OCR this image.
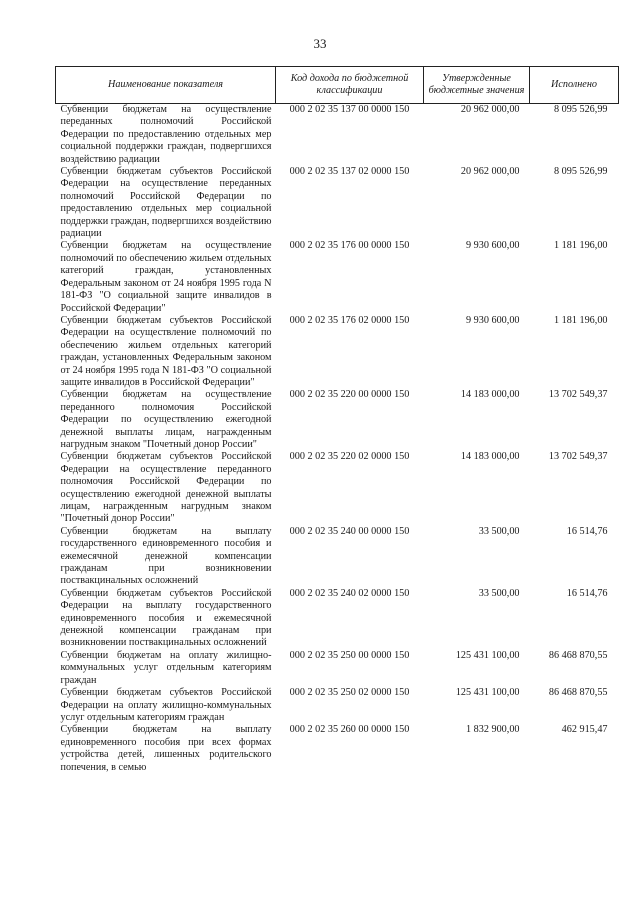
33
Наименование показателя	Код дохода по бюджетной классификации	Утвержденные бюджетные значения	Исполнено
Субвенции бюджетам на осуществление переданных полномочий Российской Федерации по предоставлению отдельных мер социальной поддержки граждан, подвергшихся воздействию радиации	000 2 02 35 137 00 0000 150	20 962 000,00	8 095 526,99
Субвенции бюджетам субъектов Российской Федерации на осуществление переданных полномочий Российской Федерации по предоставлению отдельных мер социальной поддержки граждан, подвергшихся воздействию радиации	000 2 02 35 137 02 0000 150	20 962 000,00	8 095 526,99
Субвенции бюджетам на осуществление полномочий по обеспечению жильем отдельных категорий граждан, установленных Федеральным законом от 24 ноября 1995 года N 181-ФЗ "О социальной защите инвалидов в Российской Федерации"	000 2 02 35 176 00 0000 150	9 930 600,00	1 181 196,00
Субвенции бюджетам субъектов Российской Федерации на осуществление полномочий по обеспечению жильем отдельных категорий граждан, установленных Федеральным законом от 24 ноября 1995 года N 181-ФЗ "О социальной защите инвалидов в Российской Федерации"	000 2 02 35 176 02 0000 150	9 930 600,00	1 181 196,00
Субвенции бюджетам на осуществление переданного полномочия Российской Федерации по осуществлению ежегодной денежной выплаты лицам, награжденным нагрудным знаком "Почетный донор России"	000 2 02 35 220 00 0000 150	14 183 000,00	13 702 549,37
Субвенции бюджетам субъектов Российской Федерации на осуществление переданного полномочия Российской Федерации по осуществлению ежегодной денежной выплаты лицам, награжденным нагрудным знаком "Почетный донор России"	000 2 02 35 220 02 0000 150	14 183 000,00	13 702 549,37
Субвенции бюджетам на выплату государственного единовременного пособия и ежемесячной денежной компенсации гражданам при возникновении поствакцинальных осложнений	000 2 02 35 240 00 0000 150	33 500,00	16 514,76
Субвенции бюджетам субъектов Российской Федерации на выплату государственного единовременного пособия и ежемесячной денежной компенсации гражданам при возникновении поствакцинальных осложнений	000 2 02 35 240 02 0000 150	33 500,00	16 514,76
Субвенции бюджетам на оплату жилищно-коммунальных услуг отдельным категориям граждан	000 2 02 35 250 00 0000 150	125 431 100,00	86 468 870,55
Субвенции бюджетам субъектов Российской Федерации на оплату жилищно-коммунальных услуг отдельным категориям граждан	000 2 02 35 250 02 0000 150	125 431 100,00	86 468 870,55
Субвенции бюджетам на выплату единовременного пособия при всех формах устройства детей, лишенных родительского попечения, в семью	000 2 02 35 260 00 0000 150	1 832 900,00	462 915,47
